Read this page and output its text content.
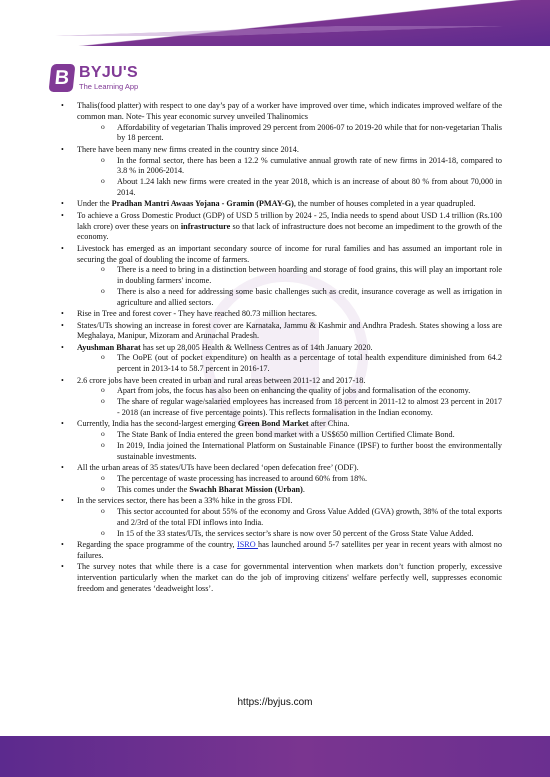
B BYJU'S
The Learning App
• Thalis(food platter) with respect to one day’s pay of a worker have improved over time, which indicates improved welfare of the common man. Note- This year economic survey unveiled Thalinomics
o Affordability of vegetarian Thalis improved 29 percent from 2006-07 to 2019-20 while that for non-vegetarian Thalis by 18 percent.
• There have been many new firms created in the country since 2014.
o In the formal sector, there has been a 12.2 % cumulative annual growth rate of new firms in 2014-18, compared to 3.8 % in 2006-2014.
o About 1.24 lakh new firms were created in the year 2018, which is an increase of about 80 % from about 70,000 in 2014.
• Under the Pradhan Mantri Awaas Yojana - Gramin (PMAY-G), the number of houses completed in a year quadrupled.
• To achieve a Gross Domestic Product (GDP) of USD 5 trillion by 2024 - 25, India needs to spend about USD 1.4 trillion (Rs.100 lakh crore) over these years on infrastructure so that lack of infrastructure does not become an impediment to the growth of the economy.
• Livestock has emerged as an important secondary source of income for rural families and has assumed an important role in securing the goal of doubling the income of farmers.
o There is a need to bring in a distinction between hoarding and storage of food grains, this will play an important role in doubling farmers' income.
o There is also a need for addressing some basic challenges such as credit, insurance coverage as well as irrigation in agriculture and allied sectors.
• Rise in Tree and forest cover - They have reached 80.73 million hectares.
• States/UTs showing an increase in forest cover are Karnataka, Jammu & Kashmir and Andhra Pradesh. States showing a loss are Meghalaya, Manipur, Mizoram and Arunachal Pradesh.
• Ayushman Bharat has set up 28,005 Health & Wellness Centres as of 14th January 2020.
o The OoPE (out of pocket expenditure) on health as a percentage of total health expenditure diminished from 64.2 percent in 2013-14 to 58.7 percent in 2016-17.
• 2.6 crore jobs have been created in urban and rural areas between 2011-12 and 2017-18.
o Apart from jobs, the focus has also been on enhancing the quality of jobs and formalisation of the economy.
o The share of regular wage/salaried employees has increased from 18 percent in 2011-12 to almost 23 percent in 2017 - 2018 (an increase of five percentage points). This reflects formalisation in the Indian economy.
• Currently, India has the second-largest emerging Green Bond Market after China.
o The State Bank of India entered the green bond market with a US$650 million Certified Climate Bond.
o In 2019, India joined the International Platform on Sustainable Finance (IPSF) to further boost the environmentally sustainable investments.
• All the urban areas of 35 states/UTs have been declared ‘open defecation free’ (ODF).
o The percentage of waste processing has increased to around 60% from 18%.
o This comes under the Swachh Bharat Mission (Urban).
• In the services sector, there has been a 33% hike in the gross FDI.
o This sector accounted for about 55% of the economy and Gross Value Added (GVA) growth, 38% of the total exports and 2/3rd of the total FDI inflows into India.
o In 15 of the 33 states/UTs, the services sector’s share is now over 50 percent of the Gross State Value Added.
• Regarding the space programme of the country, ISRO has launched around 5-7 satellites per year in recent years with almost no failures.
• The survey notes that while there is a case for governmental intervention when markets don’t function properly, excessive intervention particularly when the market can do the job of improving citizens' welfare perfectly well, suppresses economic freedom and generates ‘deadweight loss’.
https://byjus.com
